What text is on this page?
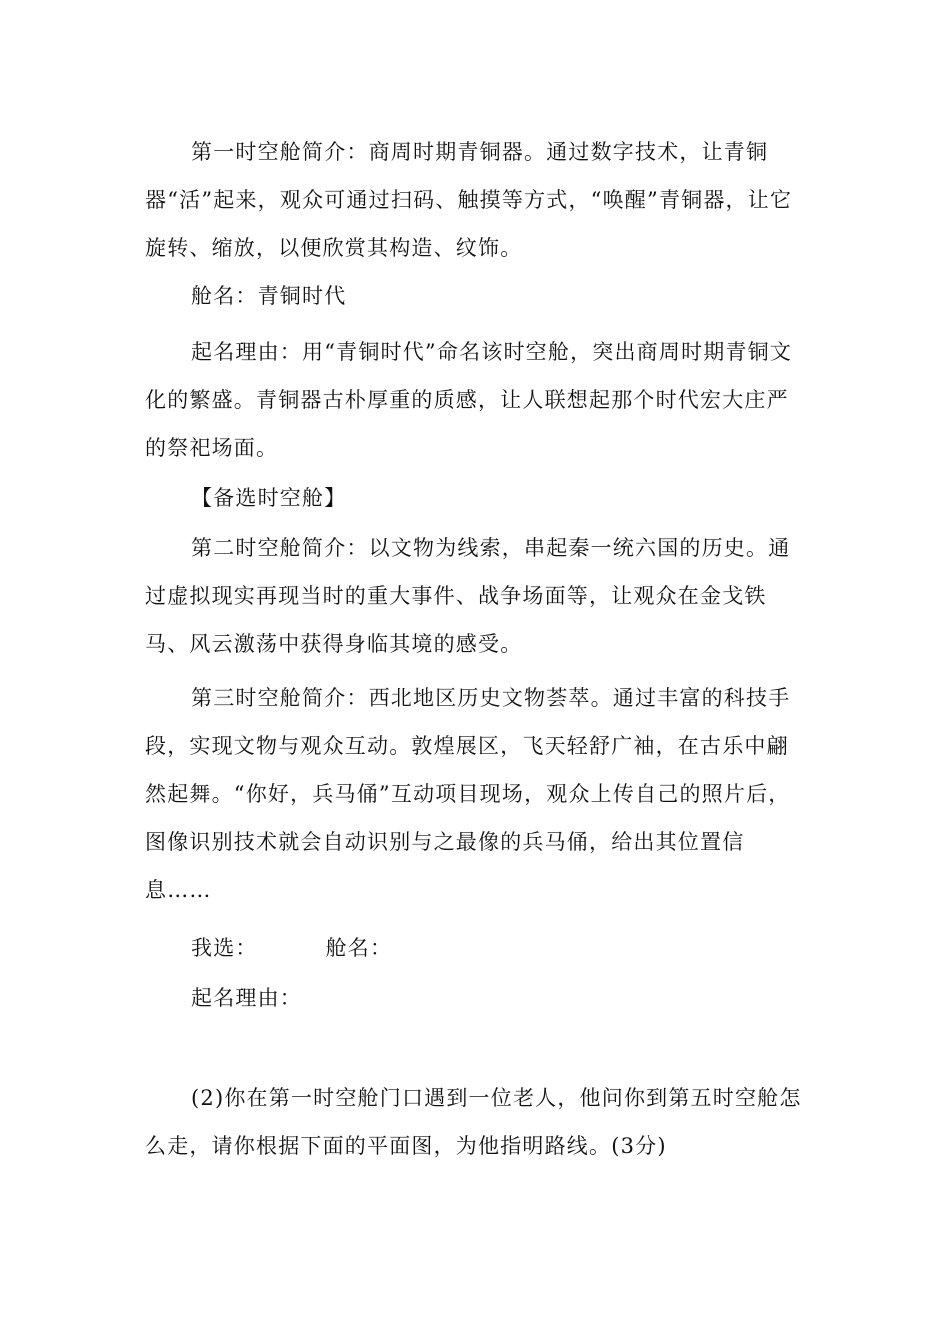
第一时空舱简介：商周时期青铜器。通过数字技术，让青铜器“活”起来，观众可通过扫码、触摸等方式，“唤醒”青铜器，让它旋转、缩放，以便欣赏其构造、纹饰。

舱名：青铜时代

起名理由：用“青铜时代”命名该时空舱，突出商周时期青铜文化的繁盛。青铜器古朴厚重的质感，让人联想起那个时代宏大庄严的祭祀场面。

【备选时空舱】

第二时空舱简介：以文物为线索，串起秦一统六国的历史。通过虚拟现实再现当时的重大事件、战争场面等，让观众在金戈铁马、风云激荡中获得身临其境的感受。

第三时空舱简介：西北地区历史文物荟萃。通过丰富的科技手段，实现文物与观众互动。敦煌展区，飞天轻舒广袖，在古乐中翩然起舞。“你好，兵马俑”互动项目现场，观众上传自己的照片后，图像识别技术就会自动识别与之最像的兵马俑，给出其位置信息……

我选：	舱名：
起名理由：

(2)你在第一时空舱门口遇到一位老人，他问你到第五时空舱怎么走，请你根据下面的平面图，为他指明路线。(3分)
